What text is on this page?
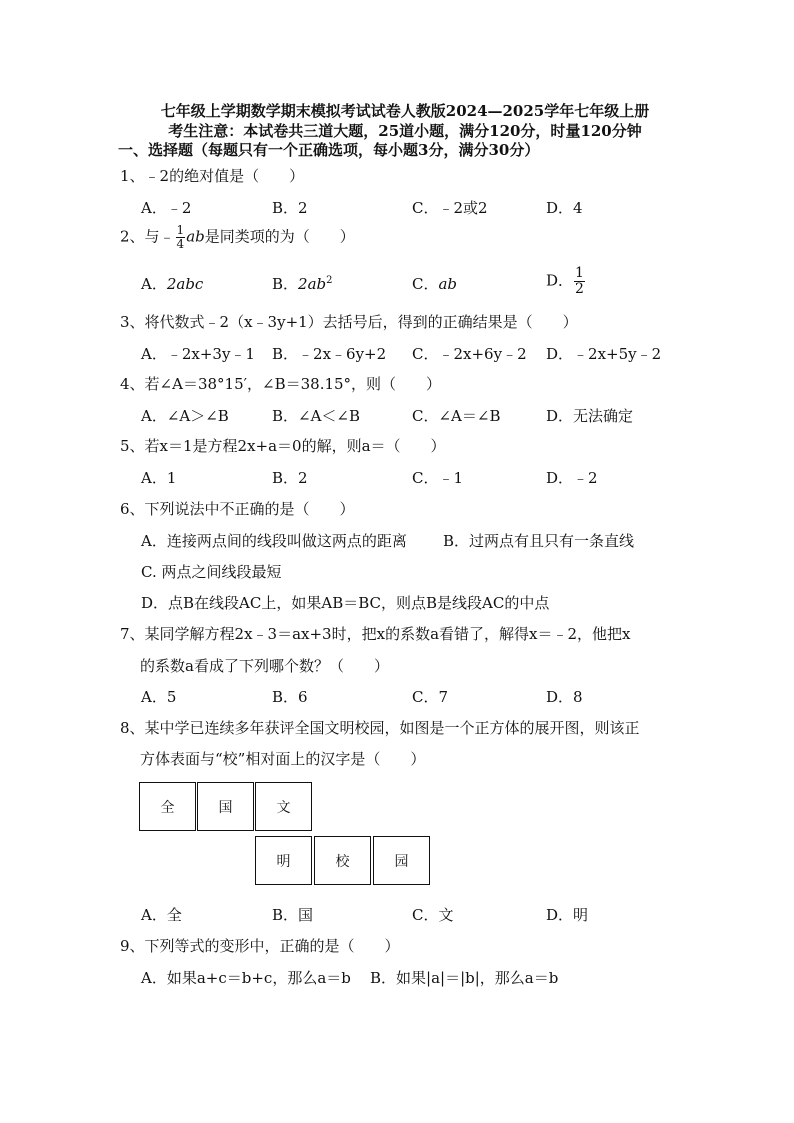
七年级上学期数学期末模拟考试试卷人教版2024—2025学年七年级上册
考生注意：本试卷共三道大题，25道小题，满分120分，时量120分钟
一、选择题（每题只有一个正确选项，每小题3分，满分30分）
1、﹣2的绝对值是（　　）
A．﹣2	B．2	C．﹣2或2	D．4
2、与﹣ $\frac{1}{4}$ ab是同类项的为（　　）
A．2abc	B．$2ab^2$	C．ab	D． $\frac{1}{2}$
3、将代数式﹣2（x﹣3y+1）去括号后，得到的正确结果是（　　）
A．﹣2x+3y﹣1 B．﹣2x﹣6y+2 C．﹣2x+6y﹣2 D．﹣2x+5y﹣2
4、若∠A＝38°15′，∠B＝38.15°，则（　　）
A．∠A＞∠B	B．∠A＜∠B	C．∠A＝∠B	D．无法确定
5、若x＝1是方程2x+a＝0的解，则a＝（　　）
A．1	B．2	C．﹣1	D．﹣2
6、下列说法中不正确的是（　　）
A．连接两点间的线段叫做这两点的距离 B．过两点有且只有一条直线
C. 两点之间线段最短
D．点B在线段AC上，如果AB＝BC，则点B是线段AC的中点
7、某同学解方程2x﹣3＝ax+3时，把x的系数a看错了，解得x＝﹣2，他把x
的系数a看成了下列哪个数？（　　）
A．5	B．6	C．7	D．8
8、某中学已连续多年获评全国文明校园，如图是一个正方体的展开图，则该正
方体表面与“校”相对面上的汉字是（　　）
全	国	文
明	校	园
A．全	B．国	C．文	D．明
9、下列等式的变形中，正确的是（　　）
A．如果a+c＝b+c，那么a＝b B．如果|a|＝|b|，那么a＝b
